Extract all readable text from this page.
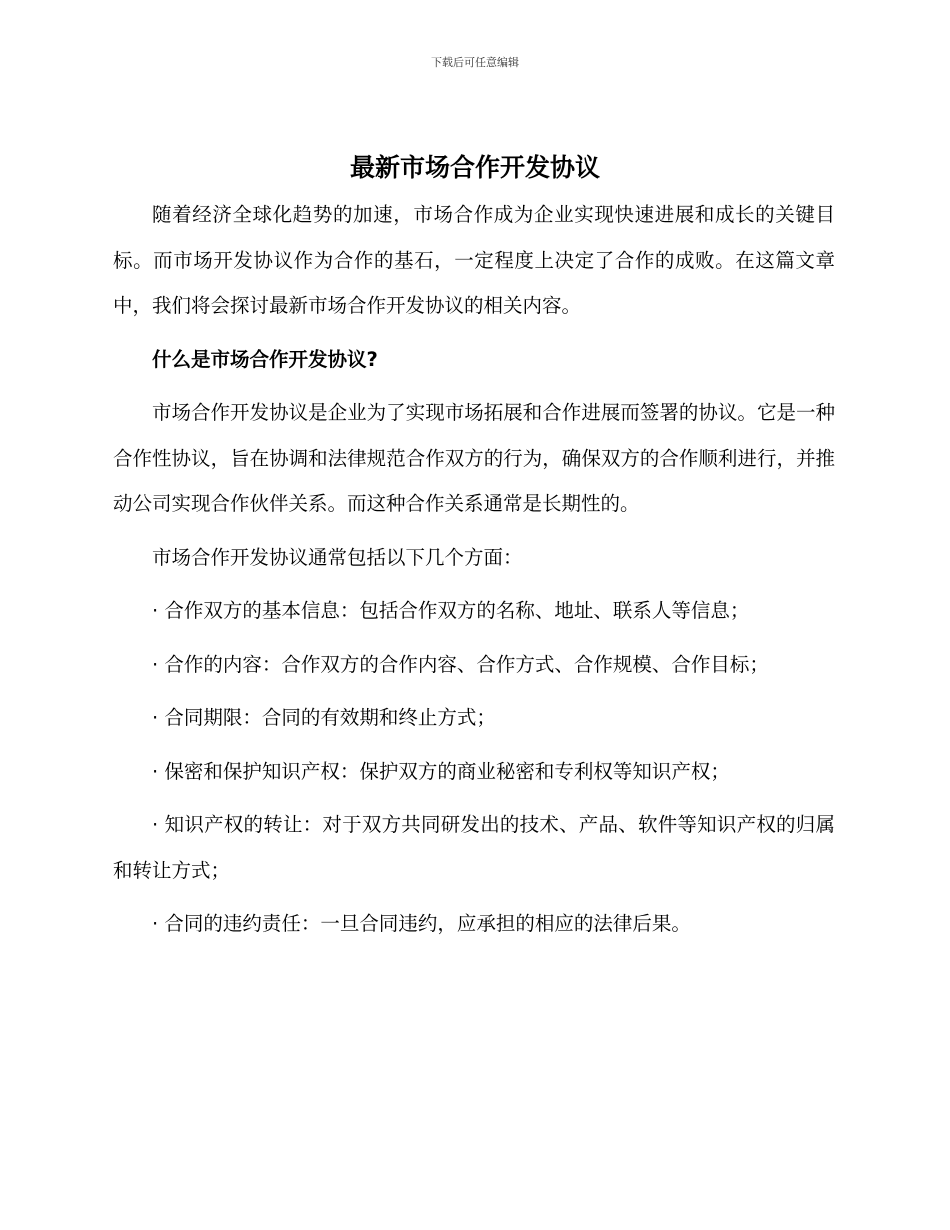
下载后可任意编辑
最新市场合作开发协议

随着经济全球化趋势的加速，市场合作成为企业实现快速进展和成长的关键目标。而市场开发协议作为合作的基石，一定程度上决定了合作的成败。在这篇文章中，我们将会探讨最新市场合作开发协议的相关内容。

什么是市场合作开发协议?

市场合作开发协议是企业为了实现市场拓展和合作进展而签署的协议。它是一种合作性协议，旨在协调和法律规范合作双方的行为，确保双方的合作顺利进行，并推动公司实现合作伙伴关系。而这种合作关系通常是长期性的。

市场合作开发协议通常包括以下几个方面：

· 合作双方的基本信息：包括合作双方的名称、地址、联系人等信息；

· 合作的内容：合作双方的合作内容、合作方式、合作规模、合作目标；

· 合同期限：合同的有效期和终止方式；

· 保密和保护知识产权：保护双方的商业秘密和专利权等知识产权；

· 知识产权的转让：对于双方共同研发出的技术、产品、软件等知识产权的归属和转让方式；

· 合同的违约责任：一旦合同违约，应承担的相应的法律后果。
